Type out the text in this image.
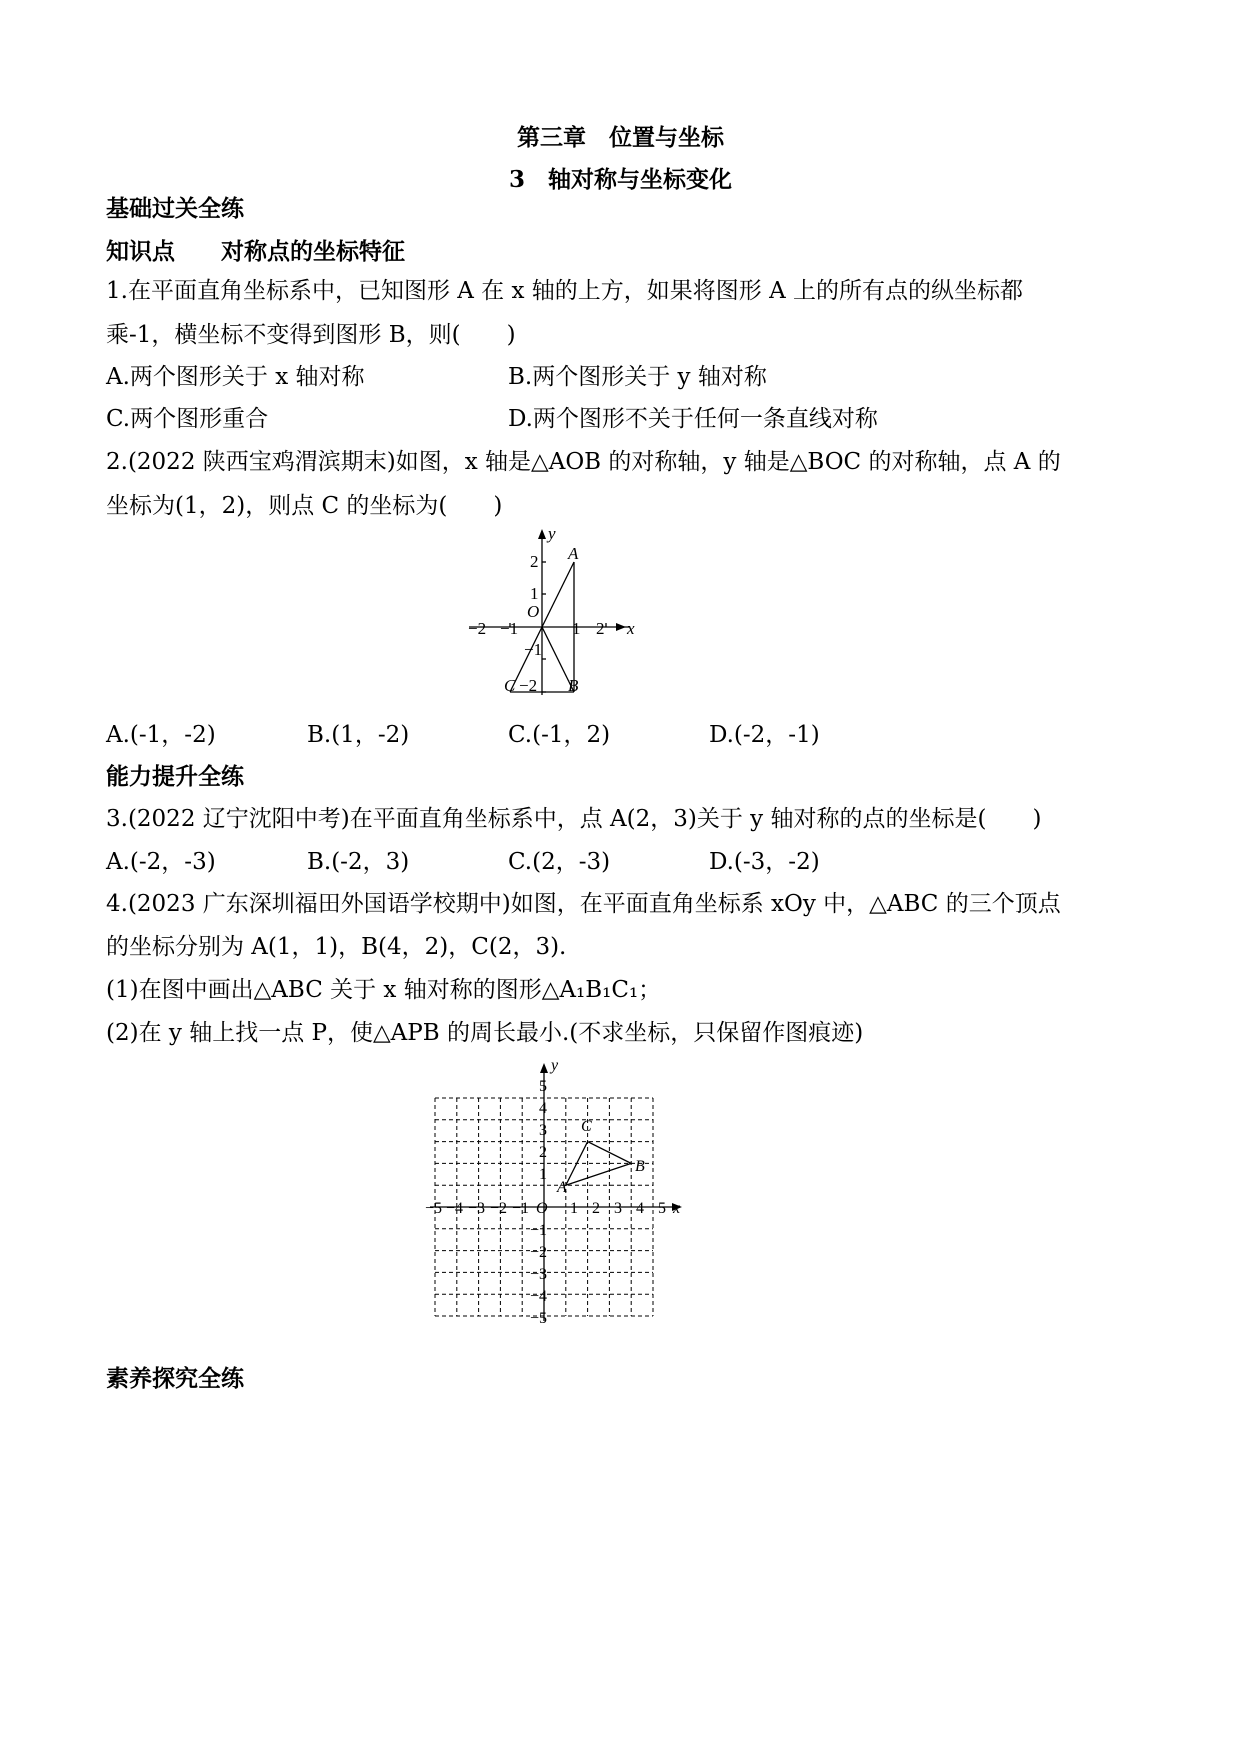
第三章　位置与坐标
3　轴对称与坐标变化
基础过关全练
知识点　　对称点的坐标特征
1.在平面直角坐标系中，已知图形 A 在 x 轴的上方，如果将图形 A 上的所有点的纵坐标都
乘-1，横坐标不变得到图形 B，则(　　)
A.两个图形关于 x 轴对称	B.两个图形关于 y 轴对称
C.两个图形重合	D.两个图形不关于任何一条直线对称
2.(2022 陕西宝鸡渭滨期末)如图，x 轴是△AOB 的对称轴，y 轴是△BOC 的对称轴，点 A 的
坐标为(1，2)，则点 C 的坐标为(　　)
−2 −1	1 2 x
y
2
1
−1
−2
O
A
B
C
A.(-1，-2)	B.(1，-2)	C.(-1，2)	D.(-2，-1)
能力提升全练
3.(2022 辽宁沈阳中考)在平面直角坐标系中，点 A(2，3)关于 y 轴对称的点的坐标是(　　)
A.(-2，-3)	B.(-2，3)	C.(2，-3)	D.(-3，-2)
4.(2023 广东深圳福田外国语学校期中)如图，在平面直角坐标系 xOy 中，△ABC 的三个顶点
的坐标分别为 A(1，1)，B(4，2)，C(2，3).
(1)在图中画出△ABC 关于 x 轴对称的图形△A₁B₁C₁；
(2)在 y 轴上找一点 P，使△APB 的周长最小.(不求坐标，只保留作图痕迹)
−5 −4 −3 −2 −1	1 2 3 4 5 x
y
5
4
3
2
1
O
−1
−2
−3
−4
−5
A
B
C
素养探究全练
